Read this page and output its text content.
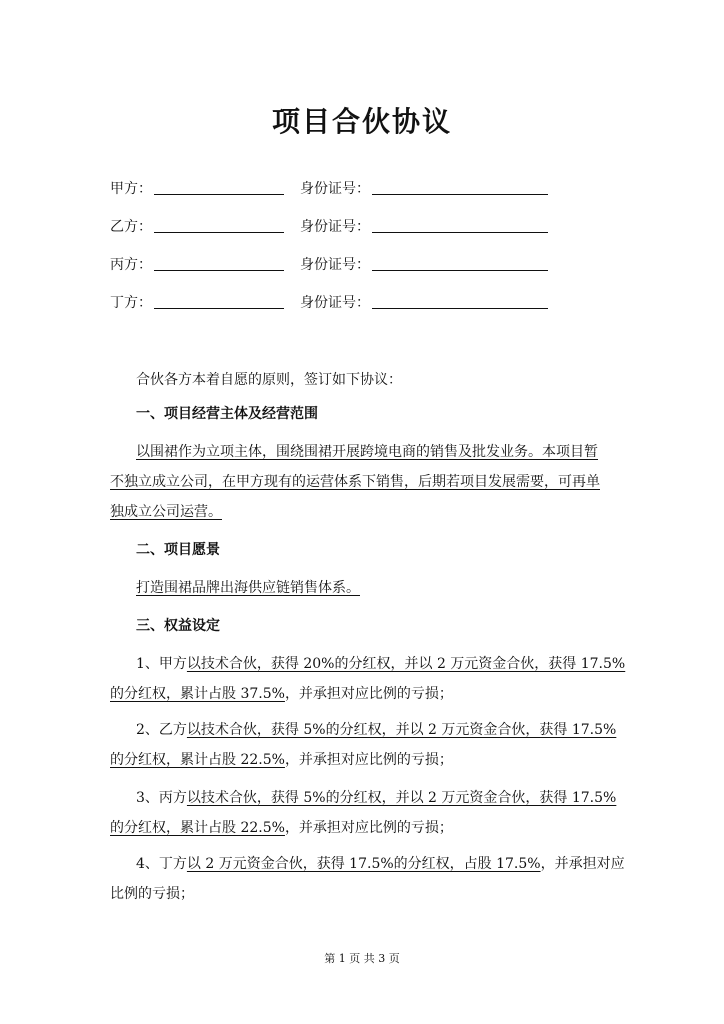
项目合伙协议
甲方：	身份证号：
乙方：	身份证号：
丙方：	身份证号：
丁方：	身份证号：
合伙各方本着自愿的原则，签订如下协议：
一、项目经营主体及经营范围
以围裙作为立项主体，围绕围裙开展跨境电商的销售及批发业务。本项目暂
不独立成立公司，在甲方现有的运营体系下销售，后期若项目发展需要，可再单
独成立公司运营。
二、项目愿景
打造围裙品牌出海供应链销售体系。
三、权益设定
1、甲方以技术合伙，获得 20%的分红权，并以 2 万元资金合伙，获得 17.5%
的分红权，累计占股 37.5%，并承担对应比例的亏损；
2、乙方以技术合伙，获得 5%的分红权，并以 2 万元资金合伙，获得 17.5%
的分红权，累计占股 22.5%，并承担对应比例的亏损；
3、丙方以技术合伙，获得 5%的分红权，并以 2 万元资金合伙，获得 17.5%
的分红权，累计占股 22.5%，并承担对应比例的亏损；
4、丁方以 2 万元资金合伙，获得 17.5%的分红权，占股 17.5%，并承担对应
比例的亏损；
第 1 页 共 3 页
